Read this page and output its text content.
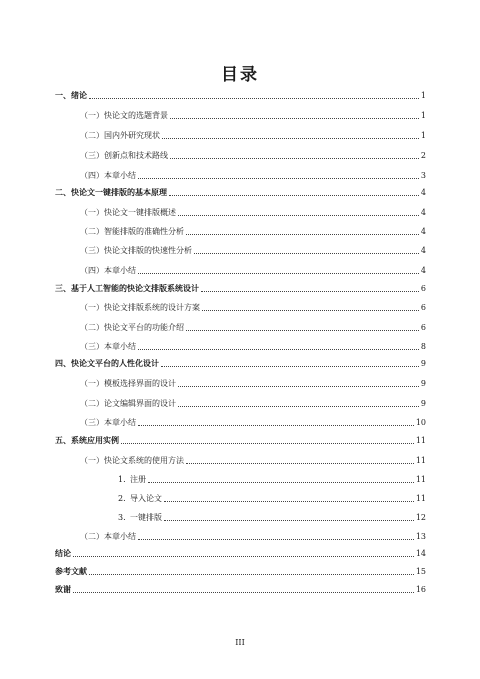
目录
一、 绪论	1
（一） 快论文的选题背景	1
（二） 国内外研究现状	1
（三） 创新点和技术路线	2
（四） 本章小结	3
二、 快论文一键排版的基本原理	4
（一） 快论文一键排版概述	4
（二） 智能排版的准确性分析	4
（三） 快论文排版的快速性分析	4
（四） 本章小结	4
三、 基于人工智能的快论文排版系统设计	6
（一） 快论文排版系统的设计方案	6
（二） 快论文平台的功能介绍	6
（三） 本章小结	8
四、 快论文平台的人性化设计	9
（一） 模板选择界面的设计	9
（二） 论文编辑界面的设计	9
（三） 本章小结	10
五、 系统应用实例	11
（一） 快论文系统的使用方法	11
1. 注册	11
2. 导入论文	11
3. 一键排版	12
（二） 本章小结	13
结论	14
参考文献	15
致谢	16
III
